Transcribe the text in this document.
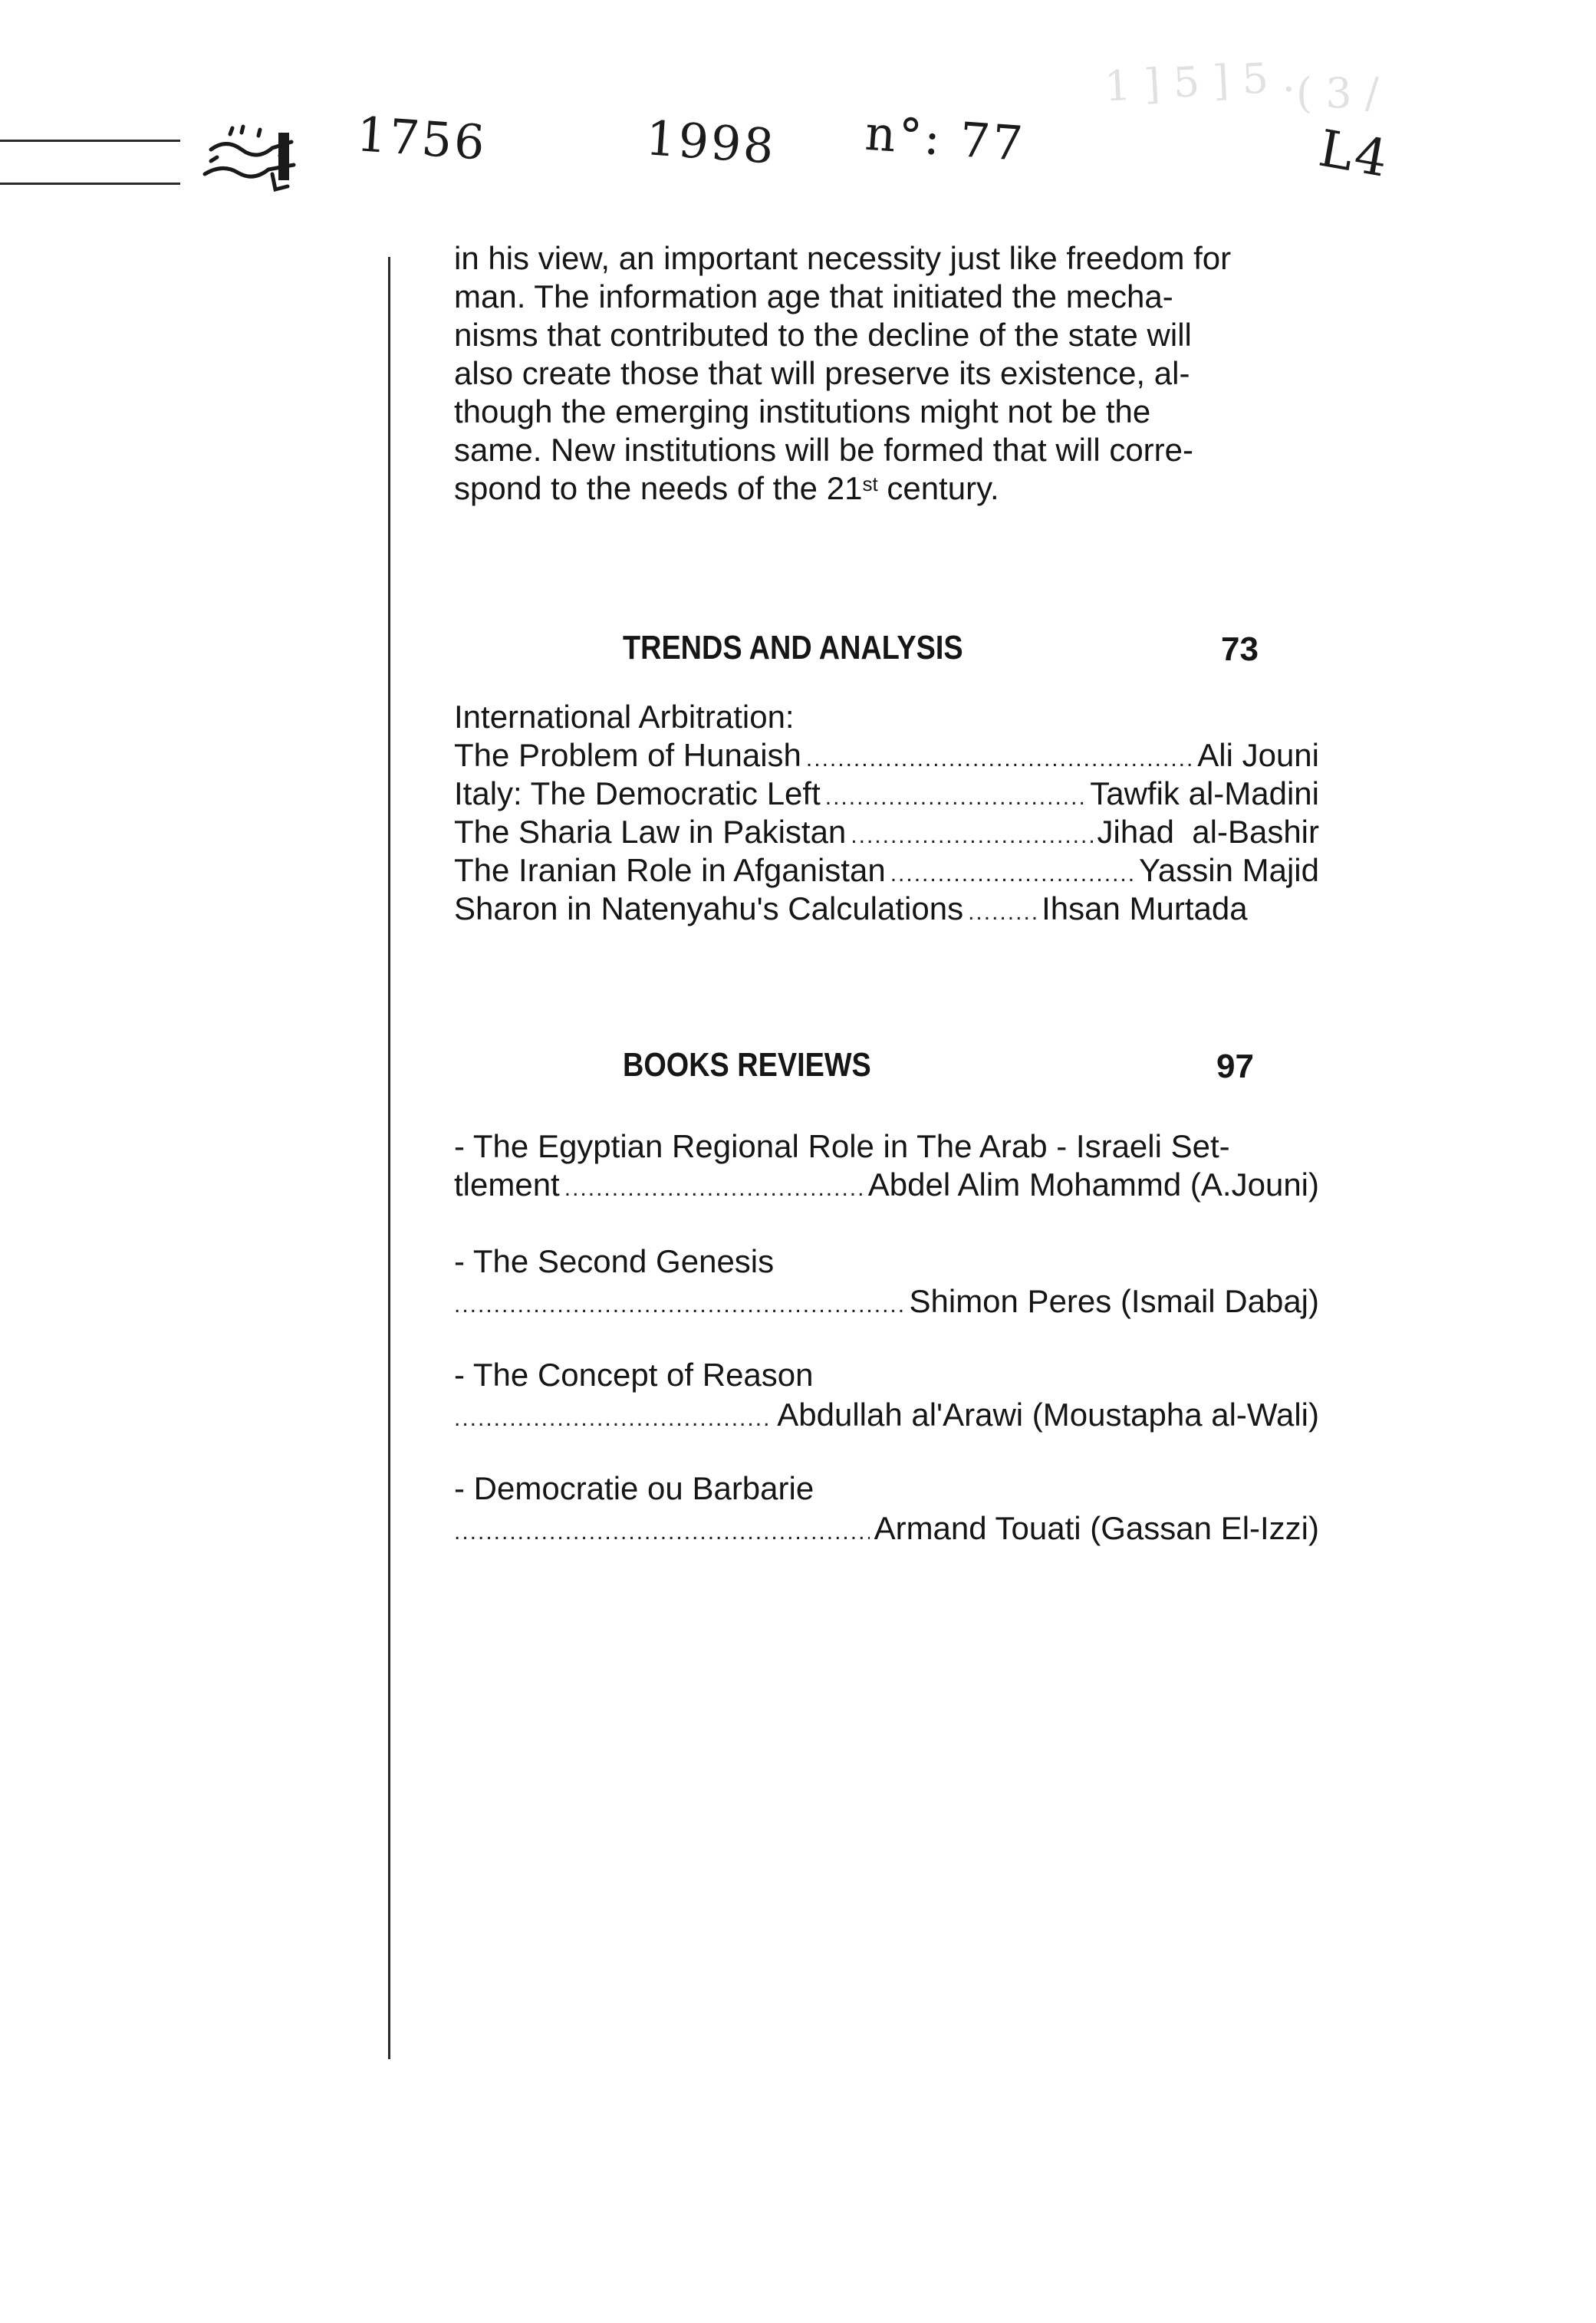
1756	1998 n°: 77	L4
1 ] 5 ] 5 . ( 3 /
in his view, an important necessity just like freedom for
man. The information age that initiated the mecha-
nisms that contributed to the decline of the state will
also create those that will preserve its existence, al-
though the emerging institutions might not be the
same. New institutions will be formed that will corre-
spond to the needs of the 21st century.
TRENDS AND ANALYSIS	73
International Arbitration:
The Problem of Hunaish .....	Ali Jouni
Italy: The Democratic Left .....	Tawfik al-Madini
The Sharia Law in Pakistan .....	Jihad  al-Bashir
The Iranian Role in Afganistan .....	Yassin Majid
Sharon in Natenyahu's Calculations ..... Ihsan Murtada
BOOKS REVIEWS	97
- The Egyptian Regional Role in The Arab - Israeli Set-
tlement .....	Abdel Alim Mohammd (A.Jouni)
- The Second Genesis
.....
Shimon Peres (Ismail Dabaj)
- The Concept of Reason
.....
Abdullah al'Arawi (Moustapha al-Wali)
- Democratie ou Barbarie
.....
Armand Touati (Gassan El-Izzi)
